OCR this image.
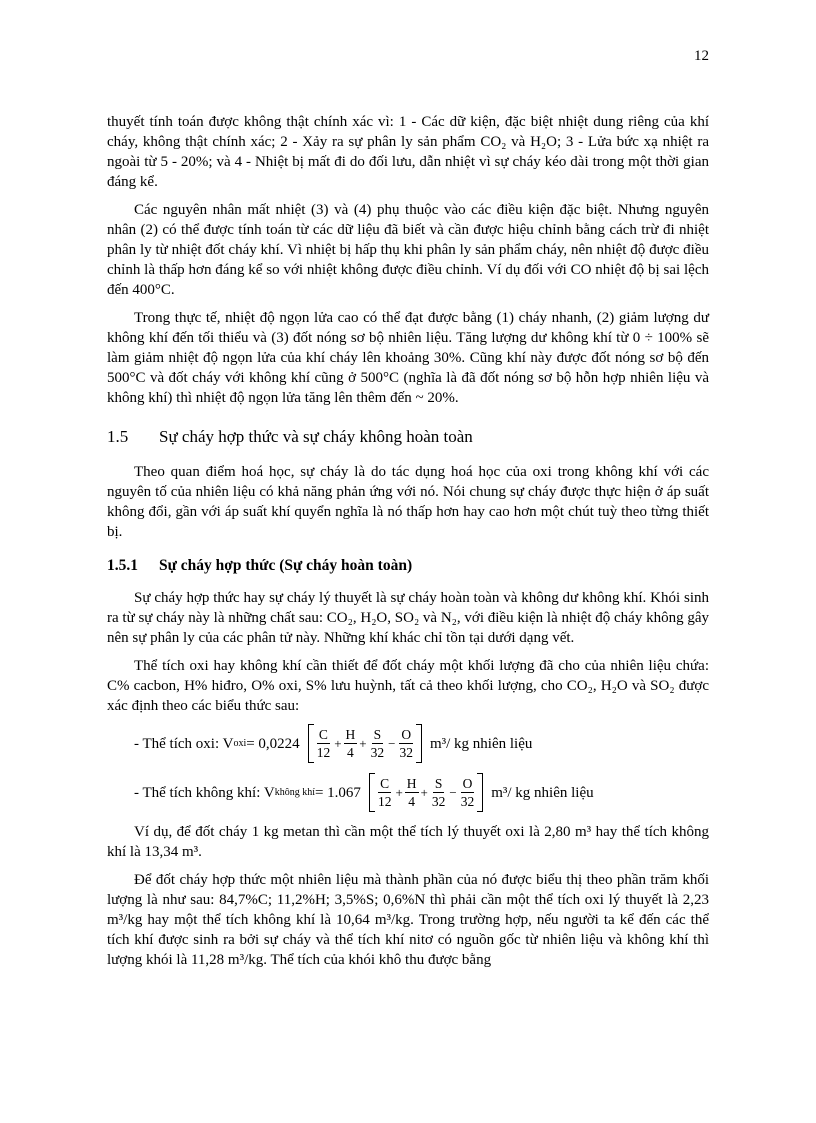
12

thuyết tính toán được không thật chính xác vì: 1 - Các dữ kiện, đặc biệt nhiệt dung riêng của khí cháy, không thật chính xác; 2 - Xảy ra sự phân ly sản phẩm CO₂ và H₂O; 3 - Lửa bức xạ nhiệt ra ngoài từ 5 - 20%; và 4 - Nhiệt bị mất đi do đối lưu, dẫn nhiệt vì sự cháy kéo dài trong một thời gian đáng kể.

Các nguyên nhân mất nhiệt (3) và (4) phụ thuộc vào các điều kiện đặc biệt. Nhưng nguyên nhân (2) có thể được tính toán từ các dữ liệu đã biết và cần được hiệu chỉnh bằng cách trừ đi nhiệt phân ly từ nhiệt đốt cháy khí. Vì nhiệt bị hấp thụ khi phân ly sản phẩm cháy, nên nhiệt độ được điều chỉnh là thấp hơn đáng kể so với nhiệt không được điều chỉnh. Ví dụ đối với CO nhiệt độ bị sai lệch đến 400°C.

Trong thực tế, nhiệt độ ngọn lửa cao có thể đạt được bằng (1) cháy nhanh, (2) giảm lượng dư không khí đến tối thiểu và (3) đốt nóng sơ bộ nhiên liệu. Tăng lượng dư không khí từ 0 ÷ 100% sẽ làm giảm nhiệt độ ngọn lửa của khí cháy lên khoảng 30%. Cũng khí này được đốt nóng sơ bộ đến 500°C và đốt cháy với không khí cũng ở 500°C (nghĩa là đã đốt nóng sơ bộ hỗn hợp nhiên liệu và không khí) thì nhiệt độ ngọn lửa tăng lên thêm đến ~ 20%.

1.5 Sự cháy hợp thức và sự cháy không hoàn toàn

Theo quan điểm hoá học, sự cháy là do tác dụng hoá học của oxi trong không khí với các nguyên tố của nhiên liệu có khả năng phản ứng với nó. Nói chung sự cháy được thực hiện ở áp suất không đổi, gần với áp suất khí quyển nghĩa là nó thấp hơn hay cao hơn một chút tuỳ theo từng thiết bị.

1.5.1 Sự cháy hợp thức (Sự cháy hoàn toàn)

Sự cháy hợp thức hay sự cháy lý thuyết là sự cháy hoàn toàn và không dư không khí. Khói sinh ra từ sự cháy này là những chất sau: CO₂, H₂O, SO₂ và N₂, với điều kiện là nhiệt độ cháy không gây nên sự phân ly của các phân tử này. Những khí khác chỉ tồn tại dưới dạng vết.

Thể tích oxi hay không khí cần thiết để đốt cháy một khối lượng đã cho của nhiên liệu chứa: C% cacbon, H% hiđro, O% oxi, S% lưu huỳnh, tất cả theo khối lượng, cho CO₂, H₂O và SO₂ được xác định theo các biểu thức sau:

- Thể tích oxi: V oxi = $0,0224 \frac{C}{12} + \frac{H}{4} + \frac{S}{32} - \frac{O}{32} m^3/$ kg nhiên liệu
- Thể tích không khí: V không khí = $1.067 \frac{C}{12} + \frac{H}{4} + \frac{S}{32} - \frac{O}{32} m^3/$ kg nhiên liệu

Ví dụ, để đốt cháy 1 kg metan thì cần một thể tích lý thuyết oxi là 2,80 m³ hay thể tích không khí là 13,34 m³.

Để đốt cháy hợp thức một nhiên liệu mà thành phần của nó được biểu thị theo phần trăm khối lượng là như sau: 84,7%C; 11,2%H; 3,5%S; 0,6%N thì phải cần một thể tích oxi lý thuyết là 2,23 m³/kg hay một thể tích không khí là 10,64 m³/kg. Trong trường hợp, nếu người ta kể đến các thể tích khí được sinh ra bởi sự cháy và thể tích khí nitơ có nguồn gốc từ nhiên liệu và không khí thì lượng khói là 11,28 m³/kg. Thể tích của khói khô thu được bằng
